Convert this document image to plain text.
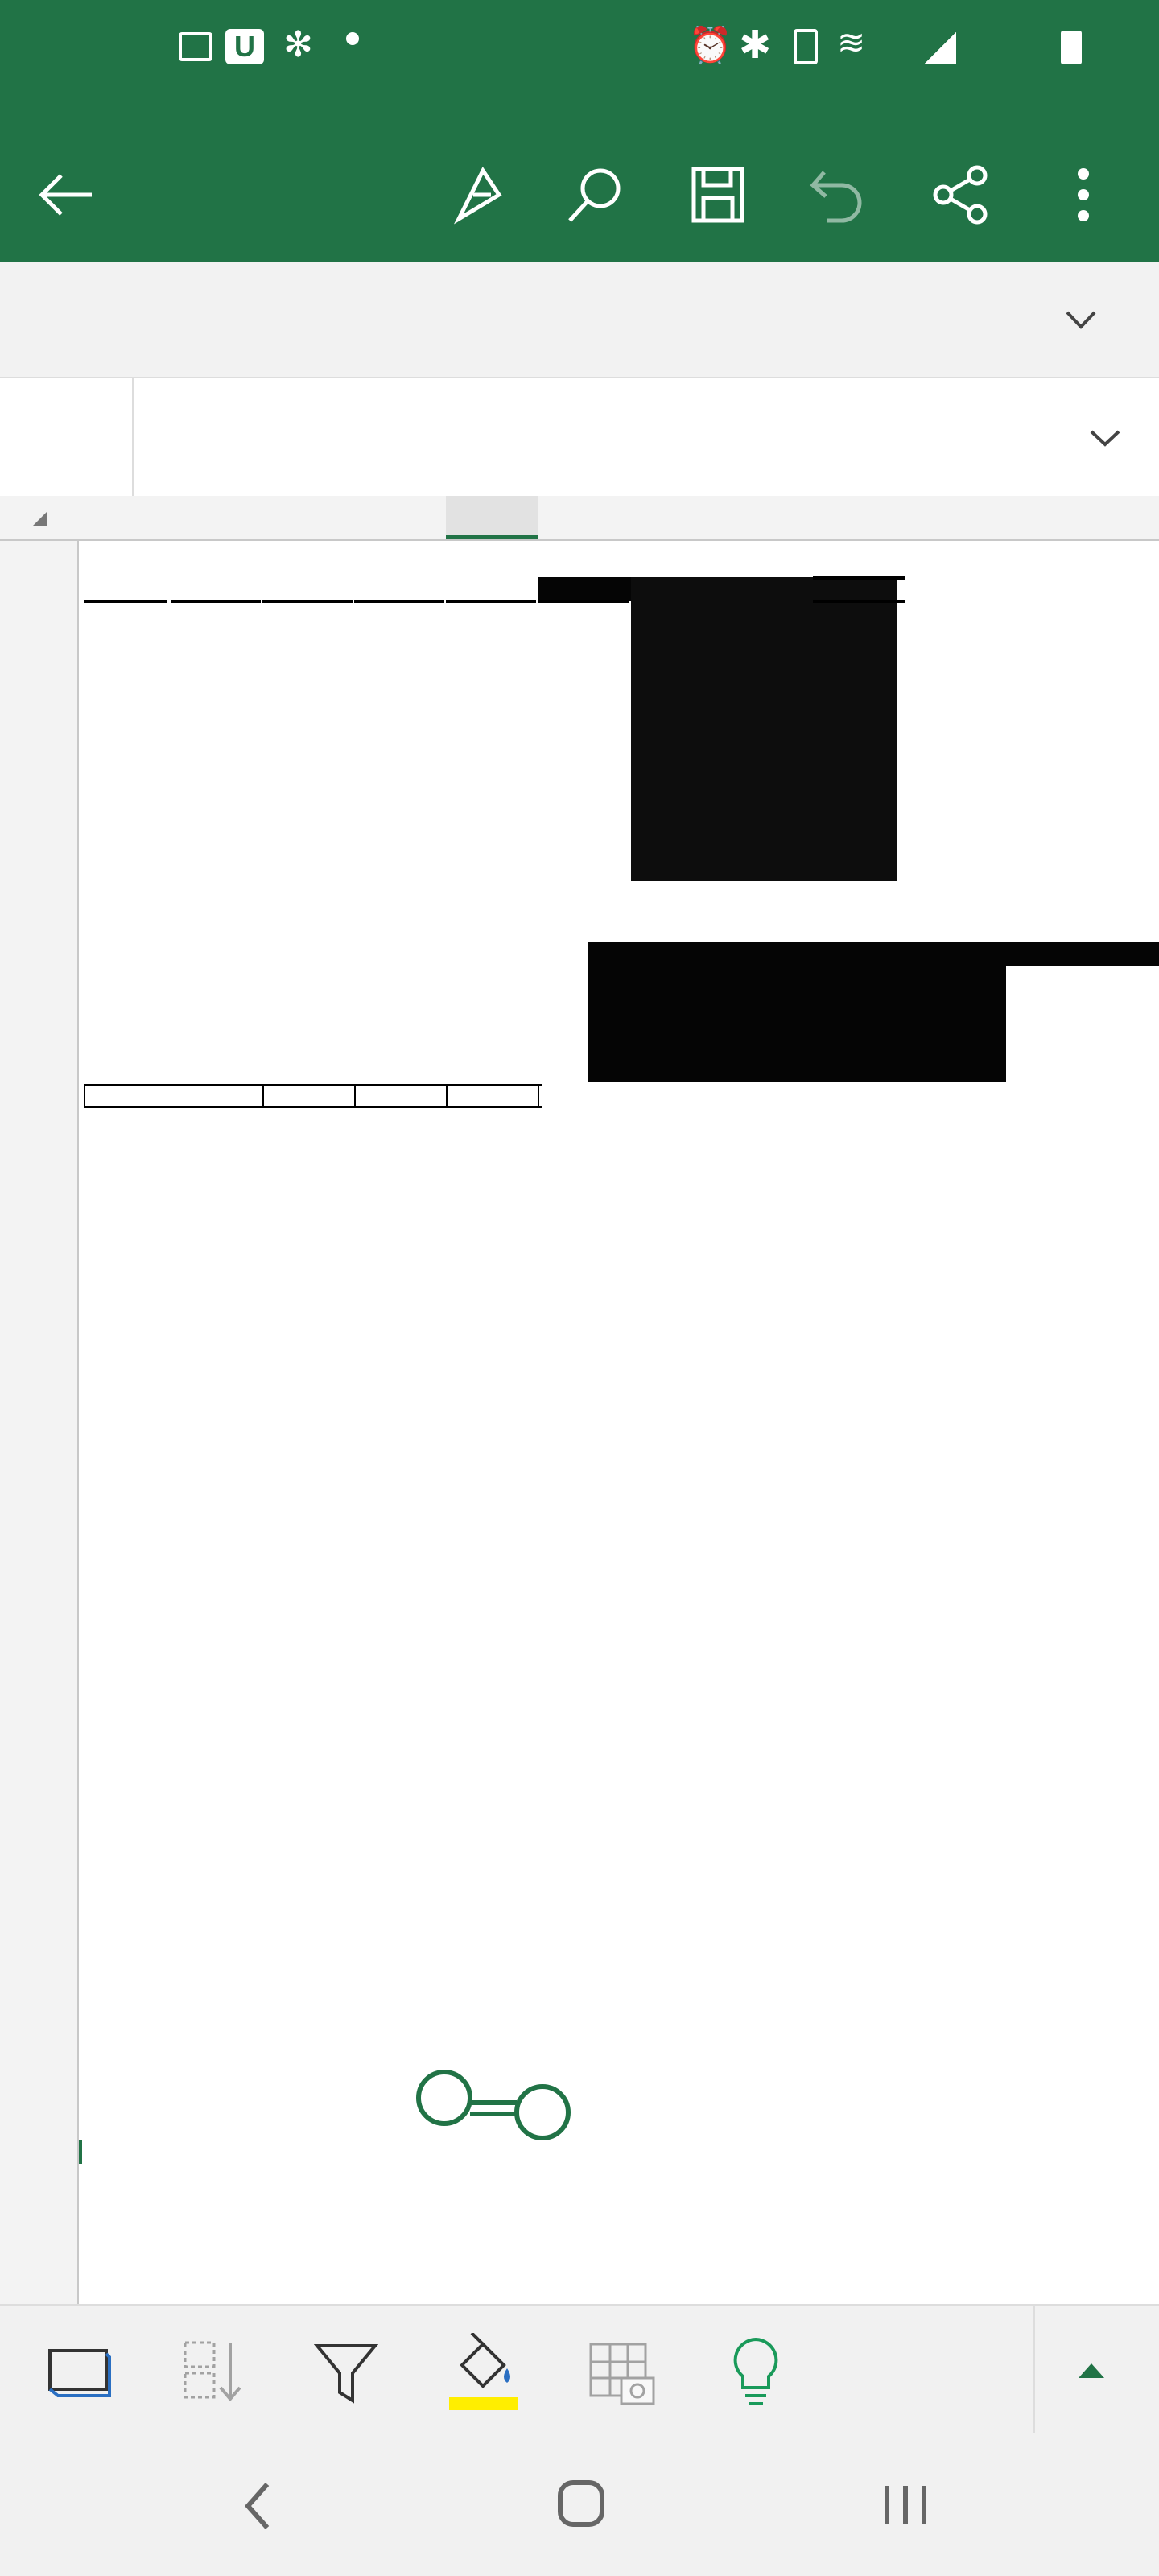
U ✻	⏰ ✱ ≋
